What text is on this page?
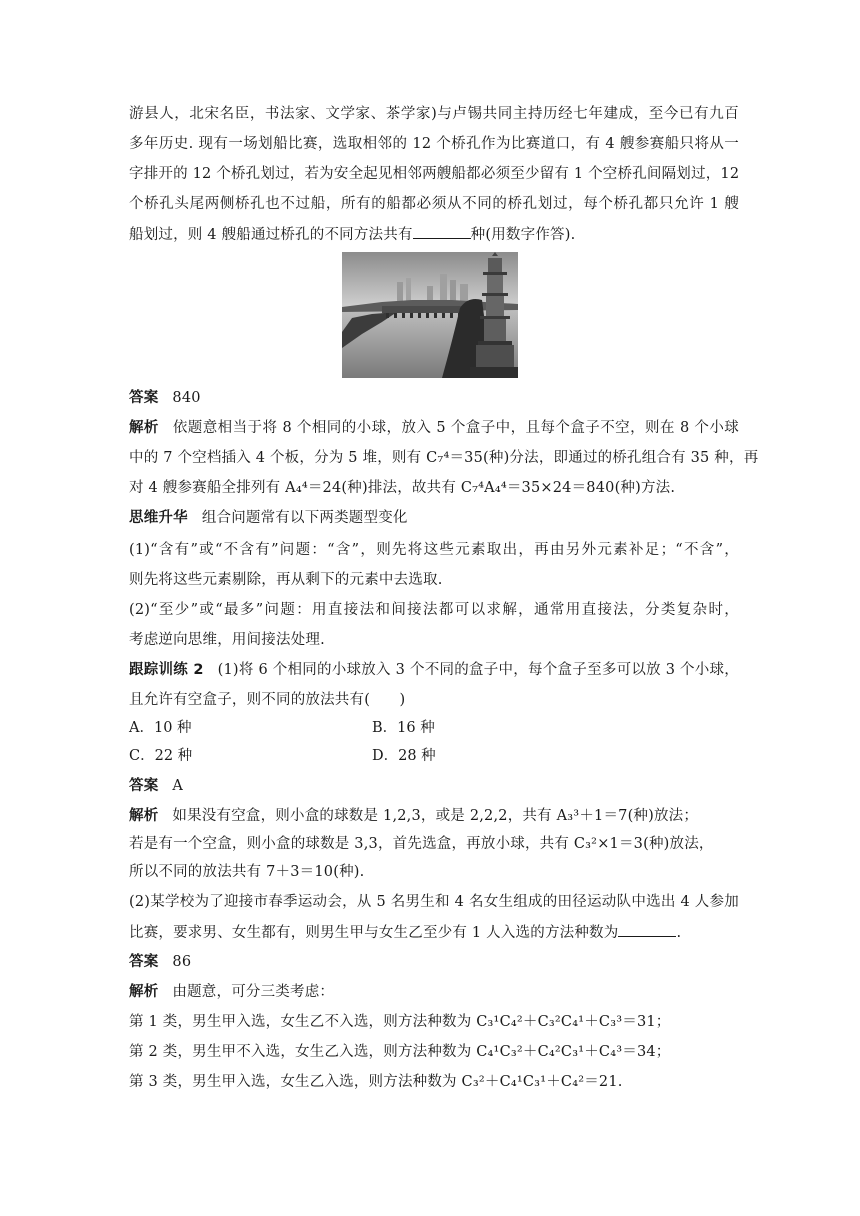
游县人，北宋名臣，书法家、文学家、茶学家)与卢锡共同主持历经七年建成，至今已有九百
多年历史. 现有一场划船比赛，选取相邻的 12 个桥孔作为比赛道口，有 4 艘参赛船只将从一
字排开的 12 个桥孔划过，若为安全起见相邻两艘船都必须至少留有 1 个空桥孔间隔划过，12
个桥孔头尾两侧桥孔也不过船，所有的船都必须从不同的桥孔划过，每个桥孔都只允许 1 艘
船划过，则 4 艘船通过桥孔的不同方法共有	种(用数字作答).
答案 840
解析 依题意相当于将 8 个相同的小球，放入 5 个盒子中，且每个盒子不空，则在 8 个小球
中的 7 个空档插入 4 个板，分为 5 堆，则有 C₇⁴＝35(种)分法，即通过的桥孔组合有 35 种，再
对 4 艘参赛船全排列有 A₄⁴＝24(种)排法，故共有 C₇⁴A₄⁴＝35×24＝840(种)方法.
思维升华 组合问题常有以下两类题型变化
(1)“含有”或“不含有”问题：“含”，则先将这些元素取出，再由另外元素补足；“不含”，
则先将这些元素剔除，再从剩下的元素中去选取.
(2)“至少”或“最多”问题：用直接法和间接法都可以求解，通常用直接法，分类复杂时，
考虑逆向思维，用间接法处理.
跟踪训练 2 (1)将 6 个相同的小球放入 3 个不同的盒子中，每个盒子至多可以放 3 个小球，
且允许有空盒子，则不同的放法共有(　　)
A．10 种	B．16 种
C．22 种	D．28 种
答案 A
解析 如果没有空盒，则小盒的球数是 1,2,3，或是 2,2,2，共有 A₃³＋1＝7(种)放法；
若是有一个空盒，则小盒的球数是 3,3，首先选盒，再放小球，共有 C₃²×1＝3(种)放法，
所以不同的放法共有 7＋3＝10(种).
(2)某学校为了迎接市春季运动会，从 5 名男生和 4 名女生组成的田径运动队中选出 4 人参加
比赛，要求男、女生都有，则男生甲与女生乙至少有 1 人入选的方法种数为	.
答案 86
解析 由题意，可分三类考虑：
第 1 类，男生甲入选，女生乙不入选，则方法种数为 C₃¹C₄²＋C₃²C₄¹＋C₃³＝31；
第 2 类，男生甲不入选，女生乙入选，则方法种数为 C₄¹C₃²＋C₄²C₃¹＋C₄³＝34；
第 3 类，男生甲入选，女生乙入选，则方法种数为 C₃²＋C₄¹C₃¹＋C₄²＝21.
